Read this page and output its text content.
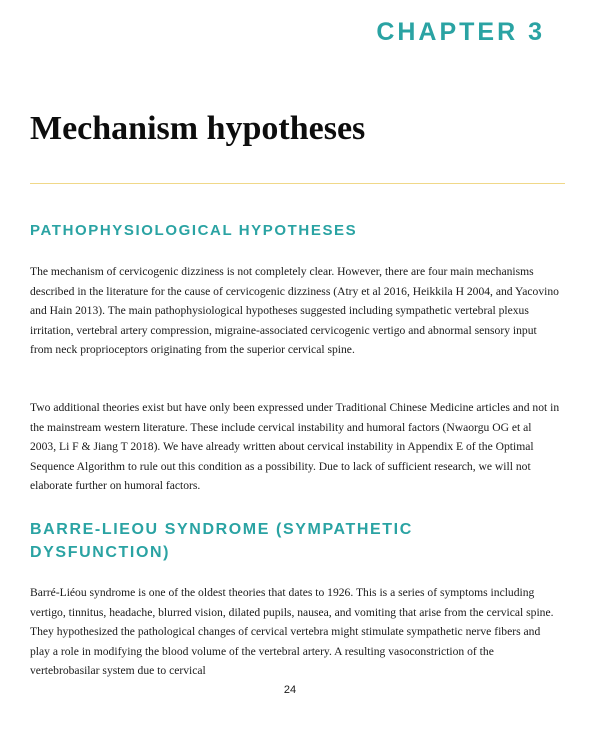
CHAPTER 3
Mechanism hypotheses
PATHOPHYSIOLOGICAL HYPOTHESES

The mechanism of cervicogenic dizziness is not completely clear. However, there are four main mechanisms described in the literature for the cause of cervicogenic dizziness (Atry et al 2016, Heikkila H 2004, and Yacovino and Hain 2013). The main pathophysiological hypotheses suggested including sympathetic vertebral plexus irritation, vertebral artery compression, migraine-associated cervicogenic vertigo and abnormal sensory input from neck proprioceptors originating from the superior cervical spine.

Two additional theories exist but have only been expressed under Traditional Chinese Medicine articles and not in the mainstream western literature. These include cervical instability and humoral factors (Nwaorgu OG et al 2003, Li F & Jiang T 2018). We have already written about cervical instability in Appendix E of the Optimal Sequence Algorithm to rule out this condition as a possibility. Due to lack of sufficient research, we will not elaborate further on humoral factors.

BARRE-LIEOU SYNDROME (SYMPATHETIC DYSFUNCTION)

Barré-Liéou syndrome is one of the oldest theories that dates to 1926. This is a series of symptoms including vertigo, tinnitus, headache, blurred vision, dilated pupils, nausea, and vomiting that arise from the cervical spine. They hypothesized the pathological changes of cervical vertebra might stimulate sympathetic nerve fibers and play a role in modifying the blood volume of the vertebral artery. A resulting vasoconstriction of the vertebrobasilar system due to cervical

24
